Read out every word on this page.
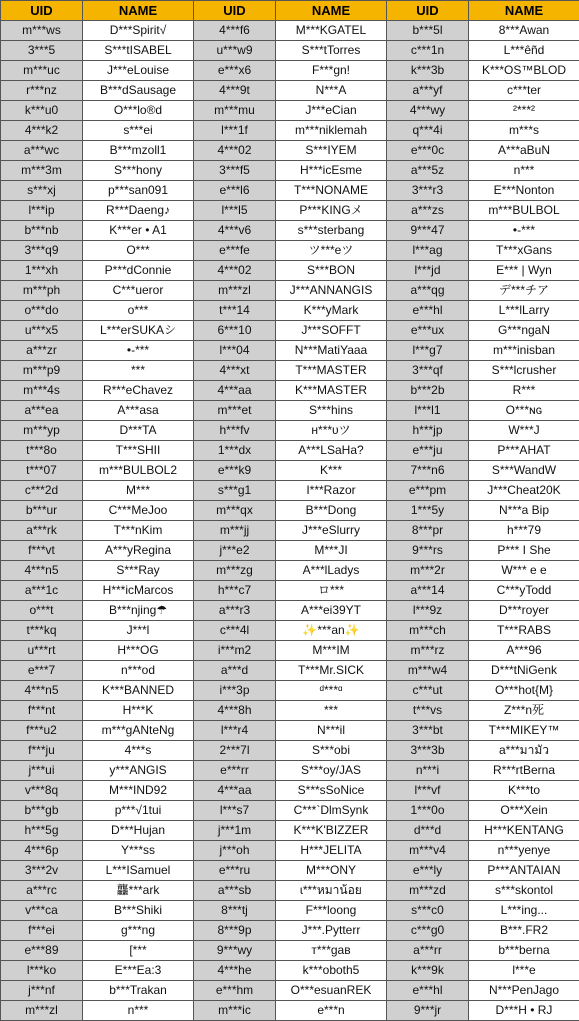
UID	NAME	UID	NAME	UID	NAME
m***ws	D***Spirit√	4***f6	M***KGATEL	b***5l	8***Awan
3***5	S***tISABEL	u***w9	S***tTorres	c***1n	L***êñd
m***uc	J***eLouise	e***x6	F***gn!	k***3b	K***OS™BLOD
r***nz	B***dSausage	4***9t	N***A	a***yf	c***ter
k***u0	O***lo®d	m***mu	J***eCian	4***wy	²***²
4***k2	s***ei	l***1f	m***niklemah	q***4i	m***s
a***wc	B***mzoll1	4***02	S***IYEM	e***0c	A***aBuN
m***3m	S***hony	3***f5	H***icEsme	a***5z	n***
s***xj	p***san091	e***l6	T***NONAME	3***r3	E***Nonton
l***ip	R***Daeng♪	l***l5	P***KINGメ	a***zs	m***BULBOL
b***nb	K***er • A1	4***v6	s***sterbang	9***47	•-***
3***q9	O***	e***fe	ツ***eツ	l***ag	T***xGans
1***xh	P***dConnie	4***02	S***BON	l***jd	E*** | Wyn
m***ph	C***ueror	m***zl	J***ANNANGIS	a***qg	デ***チア
o***do	o***	t***14	K***yMark	e***hl	L***lLarry
u***x5	L***erSUKAシ	6***10	J***SOFFT	e***ux	G***ngaN
a***zr	•-***	l***04	N***MatiYaaa	l***g7	m***inisban
m***p9	***	4***xt	T***MASTER	3***qf	S***lcrusher
m***4s	R***eChavez	4***aa	K***MASTER	b***2b	R***
a***ea	A***asa	m***et	S***hins	l***l1	O***ɴɢ
m***yp	D***TA	h***fv	ʜ***ᴜツ	h***jp	W***J
t***8o	T***SHII	1***dx	A***LSaHa?	e***ju	P***AHAT
t***07	m***BULBOL2	e***k9	K***	7***n6	S***WandW
c***2d	M***	s***g1	I***Razor	e***pm	J***Cheat20K
b***ur	C***MeJoo	m***qx	B***Dong	1***5y	N***a Bip
a***rk	T***nKim	m***jj	J***eSlurry	8***pr	h***79
f***vt	A***yRegina	j***e2	M***JI	9***rs	P*** I She
4***n5	S***Ray	m***zg	A***lLadys	m***2r	W*** e e
a***1c	H***icMarcos	h***c7	ロ***	a***14	C***yTodd
o***t	B***njing☂	a***r3	A***ei39YT	l***9z	D***royer
t***kq	J***l	c***4l	✨***an✨	m***ch	T***RABS
u***rt	H***OG	i***m2	M***IM	m***rz	A***96
e***7	n***od	a***d	T***Mr.SICK	m***w4	D***tNiGenk
4***n5	K***BANNED	i***3p	ᵈ***ᵅ	c***ut	O***hot{M}
f***nt	H***K	4***8h	***	t***vs	Z***n死
f***u2	m***gANteNg	l***r4	N***il	3***bt	T***MIKEY™
f***ju	4***s	2***7l	S***obi	3***3b	a***มามัว
j***ui	y***ANGIS	e***rr	S***oy/JAS	n***i	R***rtBerna
v***8q	M***IND92	4***aa	S***sSoNice	l***vf	K***to
b***gb	p***√1tui	l***s7	C***`DlmSynk	1***0o	O***Xein
h***5g	D***Hujan	j***1m	K***K'BIZZER	d***d	H***KENTANG
4***6p	Y***ss	j***oh	H***JELITA	m***v4	n***yenye
3***2v	L***ISamuel	e***ru	M***ONY	e***ly	P***ANTAIAN
a***rc	龘***ark	a***sb	ɩ***หมาน้อย	m***zd	s***skontol
v***ca	B***Shiki	8***tj	F***loong	s***c0	L***ing...
f***ei	g***ng	8***9p	J***.Pytterr	c***g0	B***.FR2
e***89	[***	9***wy	ᴛ***gaʙ	a***rr	b***berna
l***ko	E***Ea:3	4***he	k***oboth5	k***9k	l***e
j***nf	b***Trakan	e***hm	O***esuanREK	e***hl	N***PenJago
m***zl	n***	m***ic	e***n	9***jr	D***H • RJ
